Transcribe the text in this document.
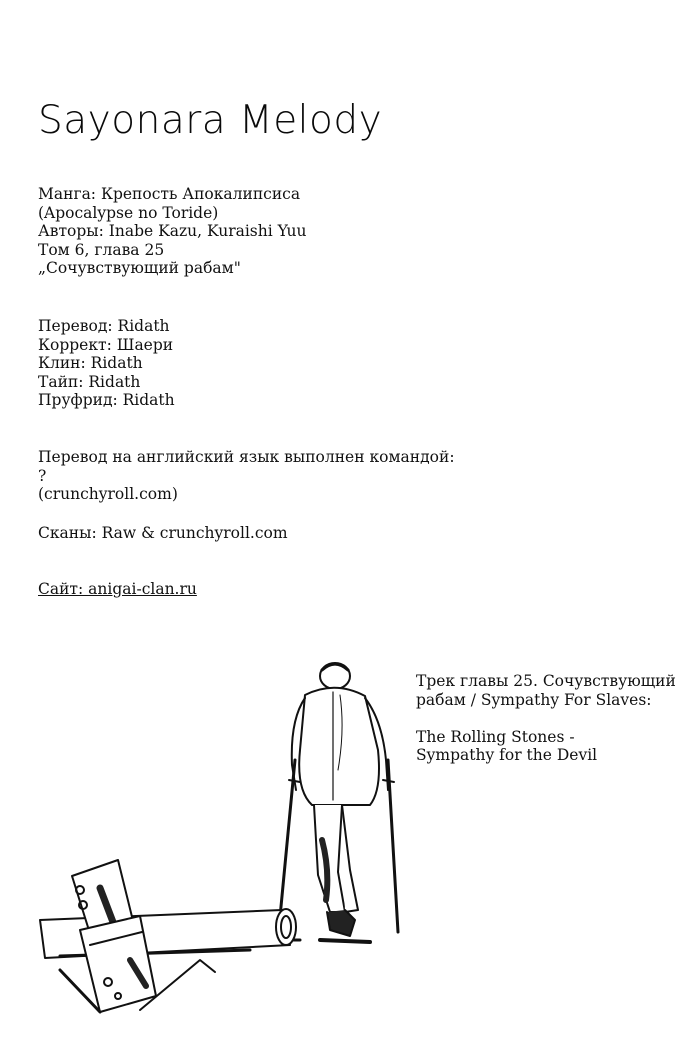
Sayonara Melody
Манга: Крепость Апокалипсиса
(Apocalypse no Toride)
Авторы: Inabe Kazu, Kuraishi Yuu
Том 6, глава 25
„Сочувствующий рабам"
Перевод: Ridath
Коррект: Шаери
Клин: Ridath
Тайп: Ridath
Пруфрид: Ridath
Перевод на английский язык выполнен командой:
?
(crunchyroll.com)
Сканы: Raw & crunchyroll.com
Сайт: anigai-clan.ru
Трек главы 25. Сочувствующий
рабам / Sympathy For Slaves:
The Rolling Stones -
Sympathy for the Devil
